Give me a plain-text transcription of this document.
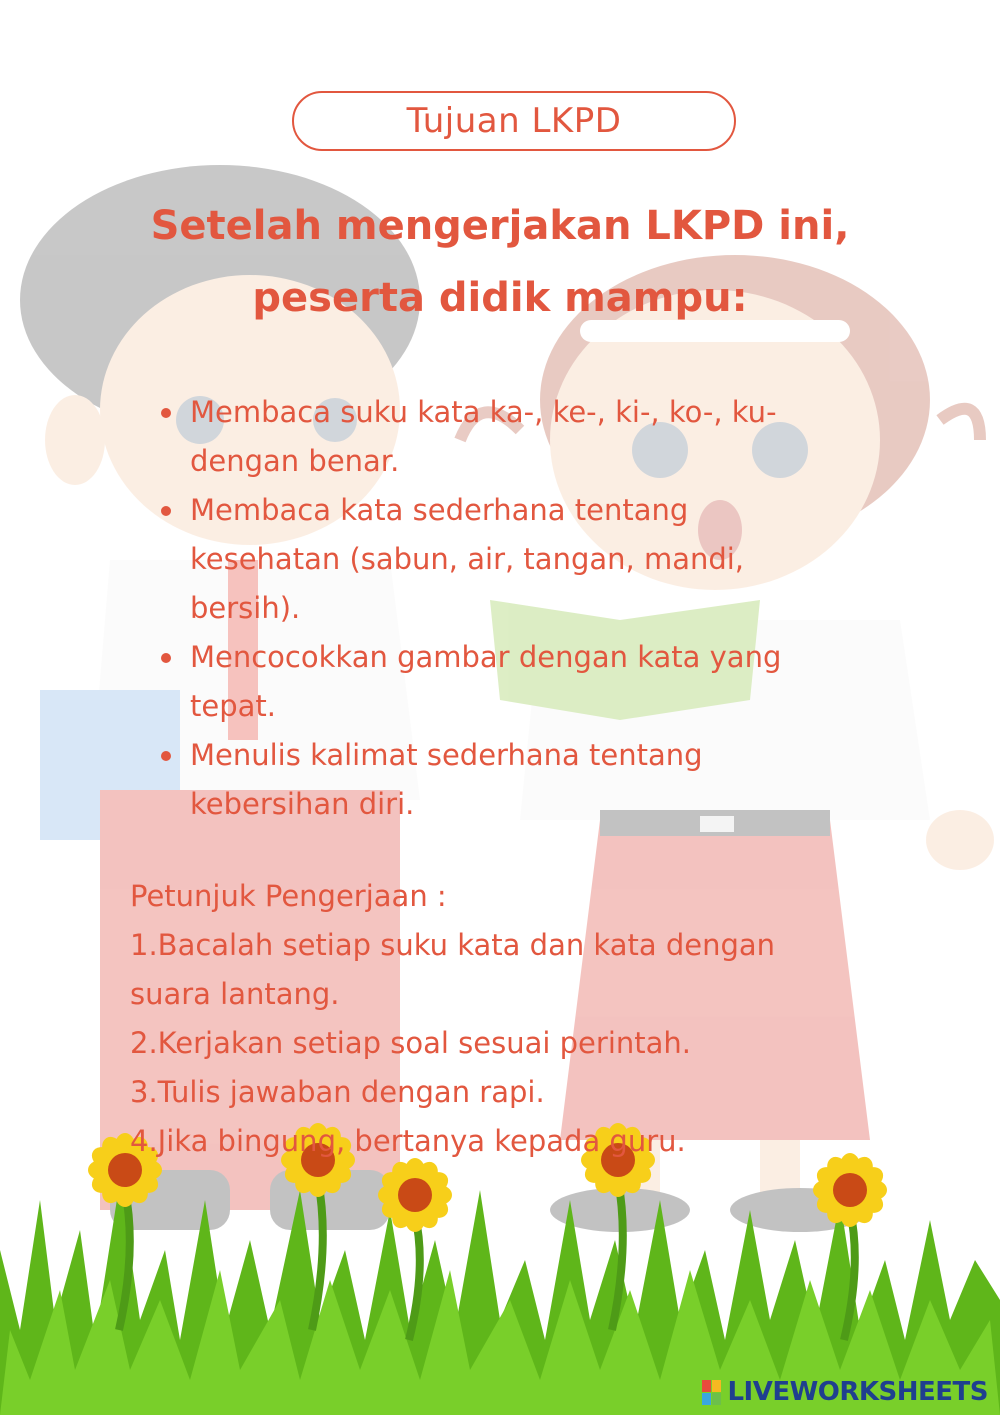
Tujuan LKPD
Setelah mengerjakan LKPD ini,
peserta didik mampu:
Membaca suku kata ka-, ke-, ki-, ko-, ku-
dengan benar.
Membaca kata sederhana tentang
kesehatan (sabun, air, tangan, mandi,
bersih).
Mencocokkan gambar dengan kata yang
tepat.
Menulis kalimat sederhana tentang
kebersihan diri.
Petunjuk Pengerjaan :
1.Bacalah setiap suku kata dan kata dengan
suara lantang.
2.Kerjakan setiap soal sesuai perintah.
3.Tulis jawaban dengan rapi.
4.Jika bingung, bertanya kepada guru.
LIVEWORKSHEETS
